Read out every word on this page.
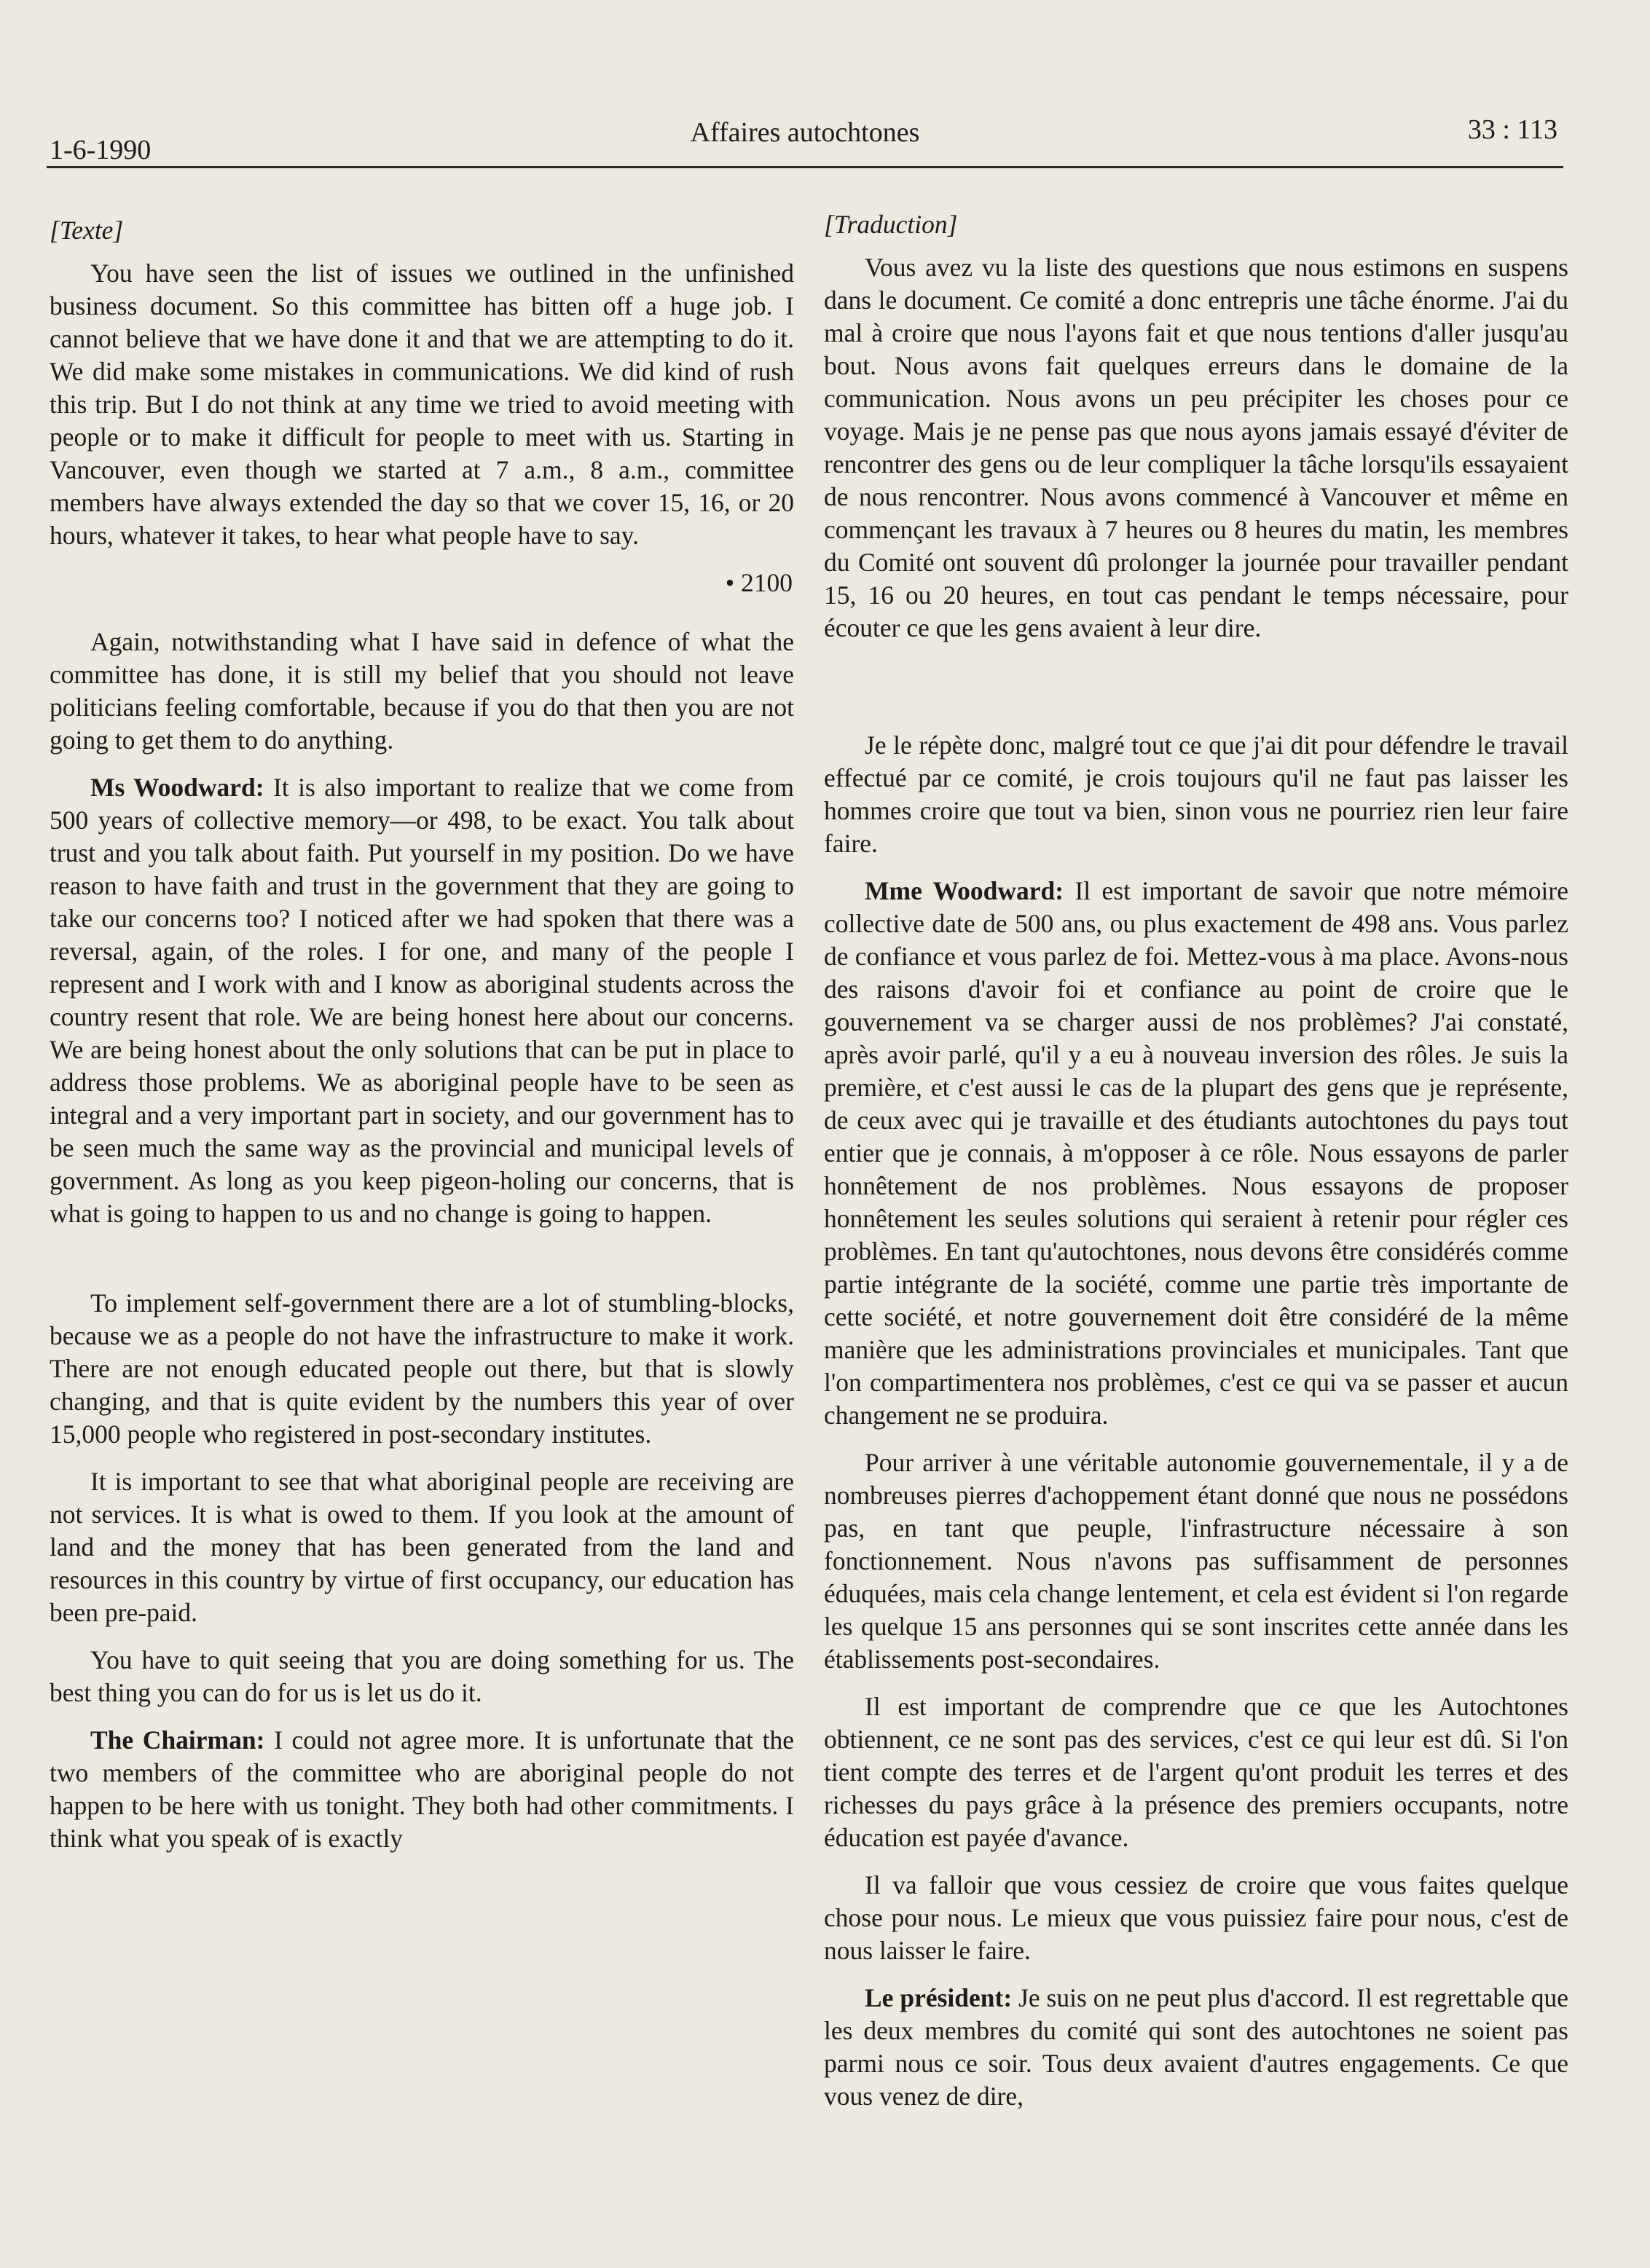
1-6-1990
Affaires autochtones	33 : 113
[Texte]

You have seen the list of issues we outlined in the unfinished business document. So this committee has bitten off a huge job. I cannot believe that we have done it and that we are attempting to do it. We did make some mistakes in communications. We did kind of rush this trip. But I do not think at any time we tried to avoid meeting with people or to make it difficult for people to meet with us. Starting in Vancouver, even though we started at 7 a.m., 8 a.m., committee members have always extended the day so that we cover 15, 16, or 20 hours, whatever it takes, to hear what people have to say.

• 2100

Again, notwithstanding what I have said in defence of what the committee has done, it is still my belief that you should not leave politicians feeling comfortable, because if you do that then you are not going to get them to do anything.

Ms Woodward: It is also important to realize that we come from 500 years of collective memory—or 498, to be exact. You talk about trust and you talk about faith. Put yourself in my position. Do we have reason to have faith and trust in the government that they are going to take our concerns too? I noticed after we had spoken that there was a reversal, again, of the roles. I for one, and many of the people I represent and I work with and I know as aboriginal students across the country resent that role. We are being honest here about our concerns. We are being honest about the only solutions that can be put in place to address those problems. We as aboriginal people have to be seen as integral and a very important part in society, and our government has to be seen much the same way as the provincial and municipal levels of government. As long as you keep pigeon-holing our concerns, that is what is going to happen to us and no change is going to happen.

To implement self-government there are a lot of stumbling-blocks, because we as a people do not have the infrastructure to make it work. There are not enough educated people out there, but that is slowly changing, and that is quite evident by the numbers this year of over 15,000 people who registered in post-secondary institutes.

It is important to see that what aboriginal people are receiving are not services. It is what is owed to them. If you look at the amount of land and the money that has been generated from the land and resources in this country by virtue of first occupancy, our education has been pre-paid.

You have to quit seeing that you are doing something for us. The best thing you can do for us is let us do it.

The Chairman: I could not agree more. It is unfortunate that the two members of the committee who are aboriginal people do not happen to be here with us tonight. They both had other commitments. I think what you speak of is exactly

[Traduction]

Vous avez vu la liste des questions que nous estimons en suspens dans le document. Ce comité a donc entrepris une tâche énorme. J'ai du mal à croire que nous l'ayons fait et que nous tentions d'aller jusqu'au bout. Nous avons fait quelques erreurs dans le domaine de la communication. Nous avons un peu précipiter les choses pour ce voyage. Mais je ne pense pas que nous ayons jamais essayé d'éviter de rencontrer des gens ou de leur compliquer la tâche lorsqu'ils essayaient de nous rencontrer. Nous avons commencé à Vancouver et même en commençant les travaux à 7 heures ou 8 heures du matin, les membres du Comité ont souvent dû prolonger la journée pour travailler pendant 15, 16 ou 20 heures, en tout cas pendant le temps nécessaire, pour écouter ce que les gens avaient à leur dire.

Je le répète donc, malgré tout ce que j'ai dit pour défendre le travail effectué par ce comité, je crois toujours qu'il ne faut pas laisser les hommes croire que tout va bien, sinon vous ne pourriez rien leur faire faire.

Mme Woodward: Il est important de savoir que notre mémoire collective date de 500 ans, ou plus exactement de 498 ans. Vous parlez de confiance et vous parlez de foi. Mettez-vous à ma place. Avons-nous des raisons d'avoir foi et confiance au point de croire que le gouvernement va se charger aussi de nos problèmes? J'ai constaté, après avoir parlé, qu'il y a eu à nouveau inversion des rôles. Je suis la première, et c'est aussi le cas de la plupart des gens que je représente, de ceux avec qui je travaille et des étudiants autochtones du pays tout entier que je connais, à m'opposer à ce rôle. Nous essayons de parler honnêtement de nos problèmes. Nous essayons de proposer honnêtement les seules solutions qui seraient à retenir pour régler ces problèmes. En tant qu'autochtones, nous devons être considérés comme partie intégrante de la société, comme une partie très importante de cette société, et notre gouvernement doit être considéré de la même manière que les administrations provinciales et municipales. Tant que l'on compartimentera nos problèmes, c'est ce qui va se passer et aucun changement ne se produira.

Pour arriver à une véritable autonomie gouvernementale, il y a de nombreuses pierres d'achoppement étant donné que nous ne possédons pas, en tant que peuple, l'infrastructure nécessaire à son fonctionnement. Nous n'avons pas suffisamment de personnes éduquées, mais cela change lentement, et cela est évident si l'on regarde les quelque 15 ans personnes qui se sont inscrites cette année dans les établissements post-secondaires.

Il est important de comprendre que ce que les Autochtones obtiennent, ce ne sont pas des services, c'est ce qui leur est dû. Si l'on tient compte des terres et de l'argent qu'ont produit les terres et des richesses du pays grâce à la présence des premiers occupants, notre éducation est payée d'avance.

Il va falloir que vous cessiez de croire que vous faites quelque chose pour nous. Le mieux que vous puissiez faire pour nous, c'est de nous laisser le faire.

Le président: Je suis on ne peut plus d'accord. Il est regrettable que les deux membres du comité qui sont des autochtones ne soient pas parmi nous ce soir. Tous deux avaient d'autres engagements. Ce que vous venez de dire,
